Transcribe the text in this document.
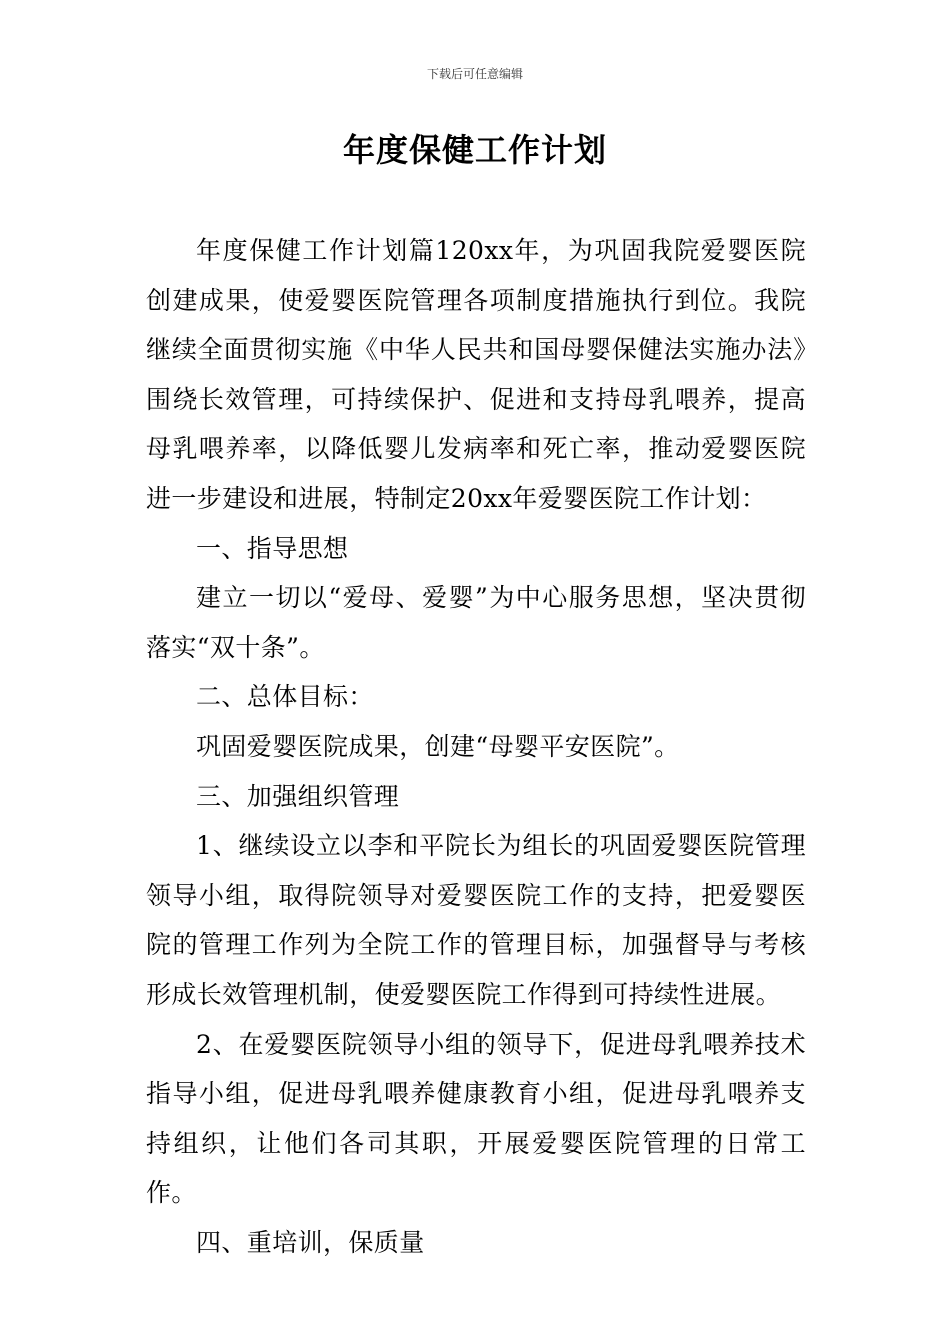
下载后可任意编辑
年度保健工作计划

年度保健工作计划篇120xx年，为巩固我院爱婴医院创建成果，使爱婴医院管理各项制度措施执行到位。我院继续全面贯彻实施《中华人民共和国母婴保健法实施办法》围绕长效管理，可持续保护、促进和支持母乳喂养，提高母乳喂养率，以降低婴儿发病率和死亡率，推动爱婴医院进一步建设和进展，特制定20xx年爱婴医院工作计划：

一、指导思想

建立一切以“爱母、爱婴”为中心服务思想，坚决贯彻落实“双十条”。

二、总体目标：

巩固爱婴医院成果，创建“母婴平安医院”。

三、加强组织管理

1、继续设立以李和平院长为组长的巩固爱婴医院管理领导小组，取得院领导对爱婴医院工作的支持，把爱婴医院的管理工作列为全院工作的管理目标，加强督导与考核形成长效管理机制，使爱婴医院工作得到可持续性进展。

2、在爱婴医院领导小组的领导下，促进母乳喂养技术指导小组，促进母乳喂养健康教育小组，促进母乳喂养支持组织，让他们各司其职，开展爱婴医院管理的日常工作。

四、重培训，保质量
